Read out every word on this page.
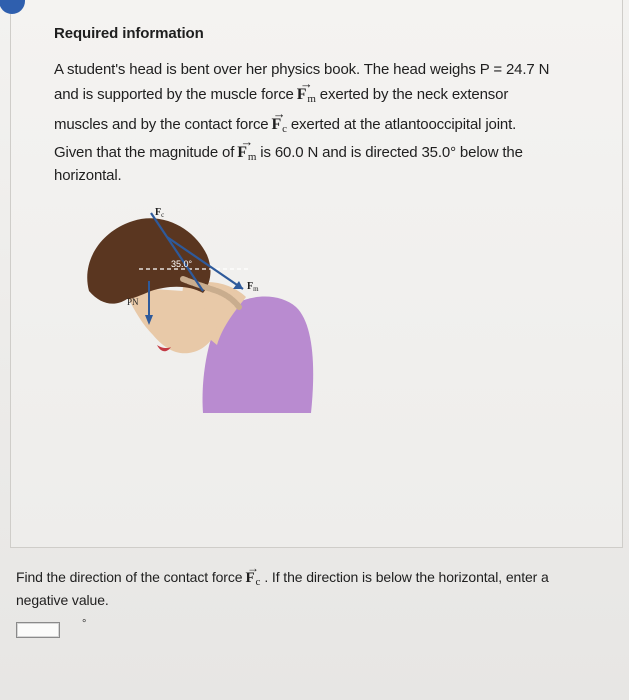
Required information
A student's head is bent over her physics book. The head weighs P = 24.7 N
and is supported by the muscle force→ $F_m$ exerted by the neck extensor
muscles and by the contact force→ $F_c$ exerted at the atlantooccipital joint.
Given that the magnitude $of\to F_m$ is 60.0 N and is directed 35.0° below the
horizontal.
$F_c$
35.0°
$F_m$
PN
Find the direction of the contact force→ $F_c$ . If the direction is below the horizontal, enter a
negative value.
°
